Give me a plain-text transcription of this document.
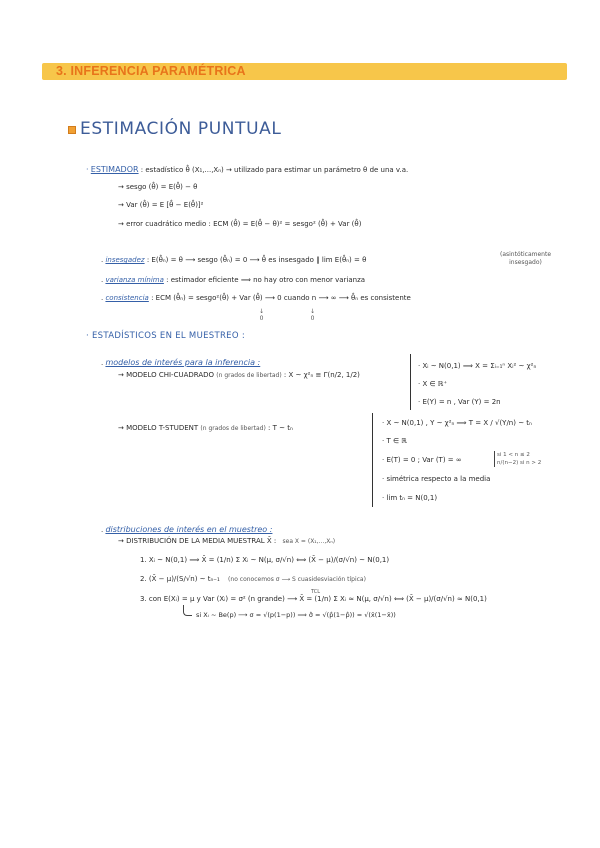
3. INFERENCIA PARAMÉTRICA
ESTIMACIÓN PUNTUAL
· ESTIMADOR : estadístico θ̂ (X₁,...,Xₙ) → utilizado para estimar un parámetro θ de una v.a.
→ sesgo (θ̂) = E(θ̂) − θ
→ Var (θ̂) = E [θ̂ − E(θ̂)]²
→ error cuadrático medio : ECM (θ̂) = E(θ̂ − θ)² = sesgo² (θ̂) + Var (θ̂)
. insesgadez : E(θ̂ₙ) = θ ⟶ sesgo (θ̂ₙ) = 0 ⟶ θ̂ es insesgado ‖ lim E(θ̂ₙ) = θ
(asintóticamente
insesgado)
. varianza mínima : estimador eficiente ⟹ no hay otro con menor varianza
. consistencia : ECM (θ̂ₙ) = sesgo²(θ̂) + Var (θ̂) ⟶ 0 cuando n ⟶ ∞ ⟶ θ̂ₙ es consistente
↓
0
↓
0
· ESTADÍSTICOS EN EL MUESTREO :
. modelos de interés para la inferencia :
→ MODELO CHI-CUADRADO (n grados de libertad) : X ~ χ²ₙ ≡ Γ(n/2, 1/2)
· Xᵢ ~ N(0,1) ⟹ X = Σᵢ₌₁ⁿ Xᵢ² ~ χ²ₙ
· X ∈ ℝ⁺
· E(Y) = n , Var (Y) = 2n
→ MODELO T-STUDENT (n grados de libertad) : T ~ tₙ
· X ~ N(0,1) , Y ~ χ²ₙ ⟹ T = X / √(Y/n) ~ tₙ
· T ∈ ℝ
· E(T) = 0 ; Var (T) = ∞
si 1 < n ≤ 2
n/(n−2) si n > 2
· simétrica respecto a la media
· lim tₙ = N(0,1)
. distribuciones de interés en el muestreo :
→ DISTRIBUCIÓN DE LA MEDIA MUESTRAL X̄ : sea X = (X₁,...,Xₙ)
1. Xᵢ ~ N(0,1) ⟹ X̄ = (1/n) Σ Xᵢ ~ N(μ, σ/√n) ⟺ (X̄ − μ)/(σ/√n) ~ N(0,1)
2. (X̄ − μ)/(S/√n) ~ tₙ₋₁ (no conocemos σ ⟶ S cuasidesviación típica)
3. con E(Xᵢ) = μ y Var (Xᵢ) = σ² (n grande) ⟶ X̄ = (1/n) Σ Xᵢ ≈ N(μ, σ/√n) ⟺ (X̄ − μ)/(σ/√n) ≈ N(0,1)
TCL
si Xᵢ ~ Be(p) ⟶ σ = √(p(1−p)) ⟹ σ̂ = √(p̂(1−p̂)) = √(x̄(1−x̄))
